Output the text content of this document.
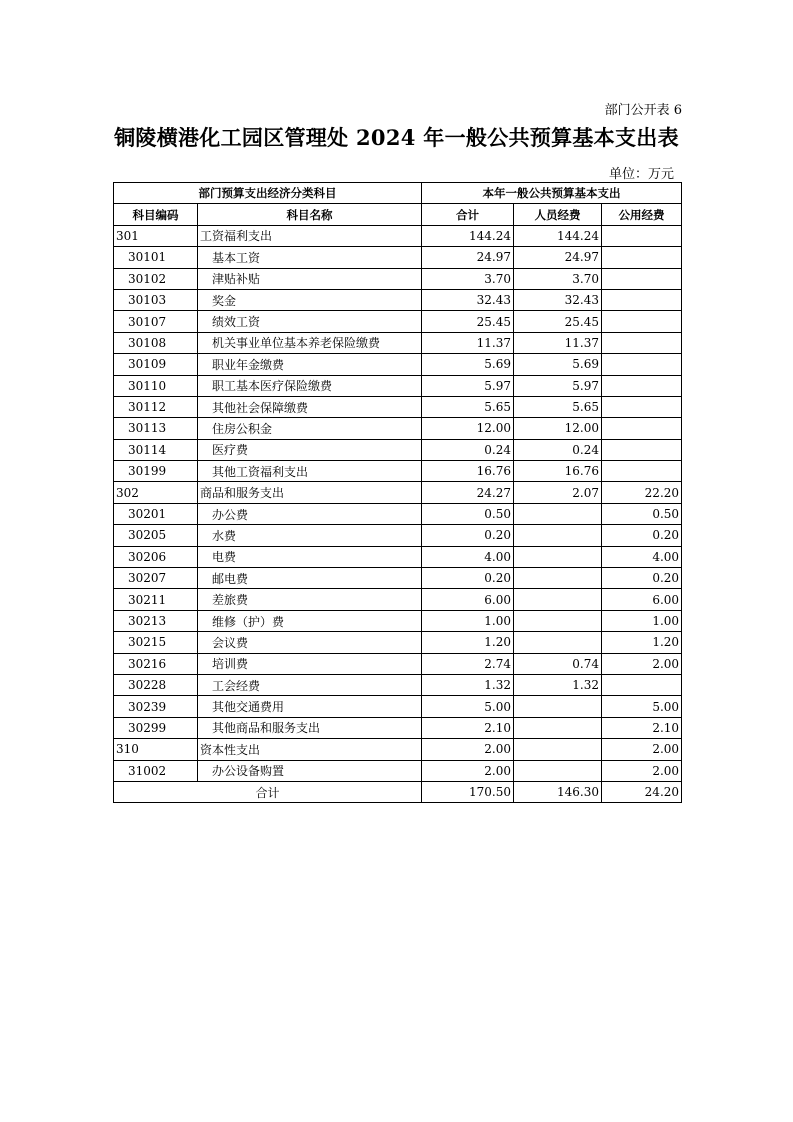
部门公开表 6
铜陵横港化工园区管理处 2024 年一般公共预算基本支出表
单位：万元
部门预算支出经济分类科目		本年一般公共预算基本支出		
科目编码	科目名称	合计	人员经费	公用经费
301	工资福利支出	144.24	144.24	
30101	基本工资	24.97	24.97	
30102	津贴补贴	3.70	3.70	
30103	奖金	32.43	32.43	
30107	绩效工资	25.45	25.45	
30108	机关事业单位基本养老保险缴费	11.37	11.37	
30109	职业年金缴费	5.69	5.69	
30110	职工基本医疗保险缴费	5.97	5.97	
30112	其他社会保障缴费	5.65	5.65	
30113	住房公积金	12.00	12.00	
30114	医疗费	0.24	0.24	
30199	其他工资福利支出	16.76	16.76	
302	商品和服务支出	24.27	2.07	22.20
30201	办公费	0.50		0.50
30205	水费	0.20		0.20
30206	电费	4.00		4.00
30207	邮电费	0.20		0.20
30211	差旅费	6.00		6.00
30213	维修（护）费	1.00		1.00
30215	会议费	1.20		1.20
30216	培训费	2.74	0.74	2.00
30228	工会经费	1.32	1.32	
30239	其他交通费用	5.00		5.00
30299	其他商品和服务支出	2.10		2.10
310	资本性支出	2.00		2.00
31002	办公设备购置	2.00		2.00
合计		170.50	146.30	24.20
